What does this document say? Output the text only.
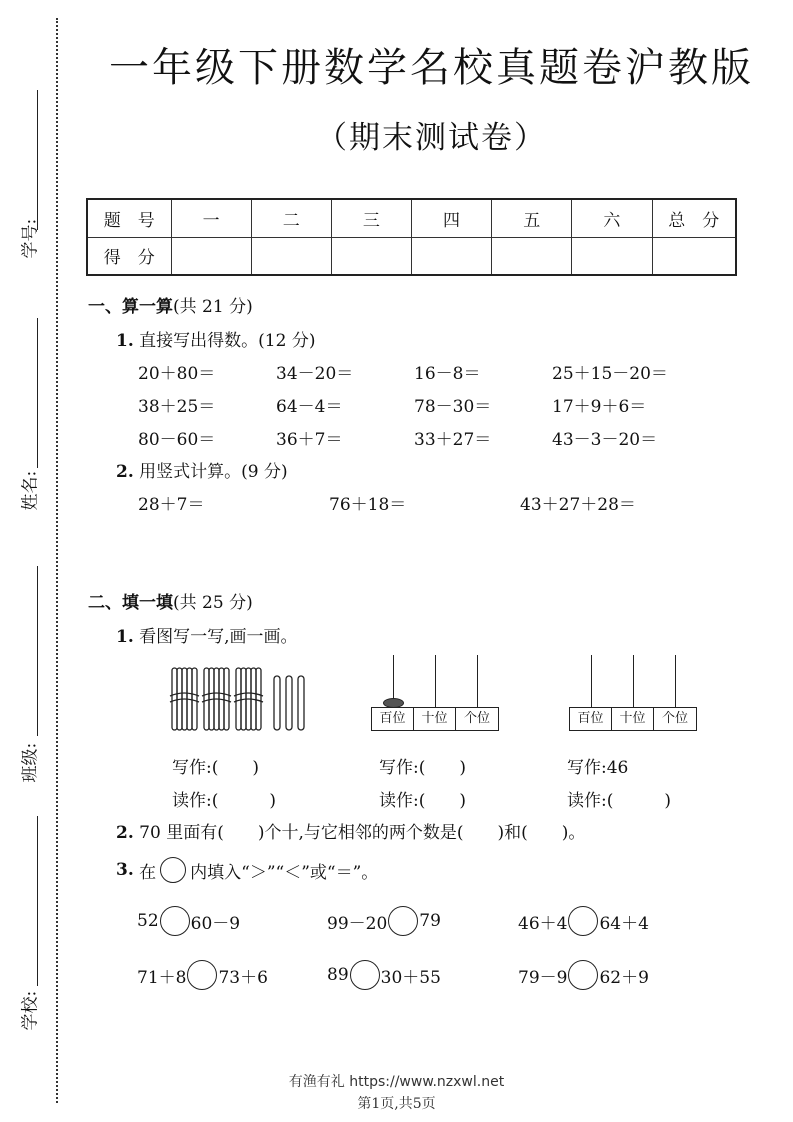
学号:
姓名:
班级:
学校:
一年级下册数学名校真题卷沪教版
（期末测试卷）
题　号	一	二	三	四	五	六	总　分
得　分							
一、算一算(共 21 分)
1. 直接写出得数。(12 分)
20＋80＝	34－20＝	16－8＝	25＋15－20＝
38＋25＝	64－4＝	78－30＝	17＋9＋6＝
80－60＝	36＋7＝	33＋27＝	43－3－20＝
2. 用竖式计算。(9 分)
28＋7＝	76＋18＝	43＋27＋28＝
二、填一填(共 25 分)
1. 看图写一写,画一画。
百位	十位	个位	百位	十位	个位
写作:(　　)	写作:(　　)	写作:46
读作:(　　　)	读作:(　　)	读作:(　　　)
2. 70 里面有(　　)个十,与它相邻的两个数是(　　)和(　　)。
3.
在 内填入“＞”“＜”或“＝”。
52 60－9	99－20 79	46＋4 64＋4
71＋8 73＋6	89 30＋55	79－9 62＋9
有渔有礼 https://www.nzxwl.net
第1页,共5页
